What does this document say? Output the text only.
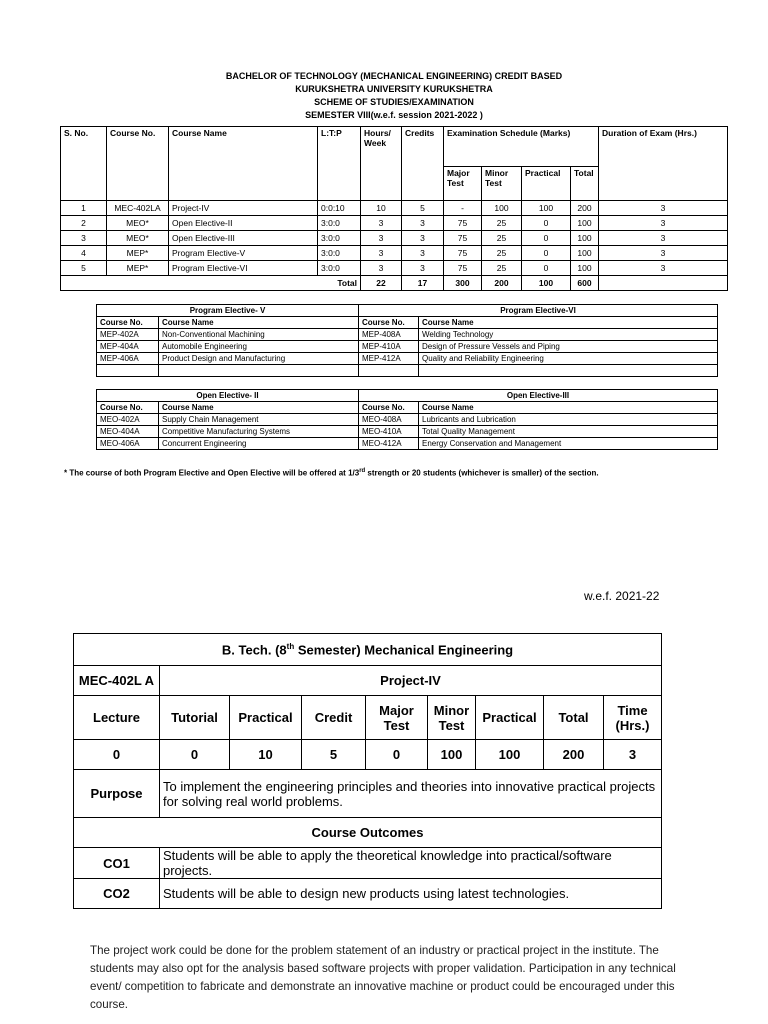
BACHELOR OF TECHNOLOGY (MECHANICAL ENGINEERING) CREDIT BASED
KURUKSHETRA UNIVERSITY KURUKSHETRA
SCHEME OF STUDIES/EXAMINATION
SEMESTER VIII(w.e.f. session 2021-2022 )
S. No.	Course No.	Course Name	L:T:P	Hours/ Week	Credits	Examination Schedule (Marks)				Duration of Exam (Hrs.)
						Major Test	Minor Test	Practical	Total	
1	MEC-402LA	Project-IV	0:0:10	10	5	-	100	100	200	3
2	MEO*	Open Elective-II	3:0:0	3	3	75	25	0	100	3
3	MEO*	Open Elective-III	3:0:0	3	3	75	25	0	100	3
4	MEP*	Program Elective-V	3:0:0	3	3	75	25	0	100	3
5	MEP*	Program Elective-VI	3:0:0	3	3	75	25	0	100	3
Total				22	17	300	200	100	600	
Program Elective- V		Program Elective-VI	
Course No.	Course Name	Course No.	Course Name
MEP-402A	Non-Conventional Machining	MEP-408A	Welding Technology
MEP-404A	Automobile Engineering	MEP-410A	Design of Pressure Vessels and Piping
MEP-406A	Product Design and Manufacturing	MEP-412A	Quality and Reliability Engineering

Open Elective- II		Open Elective-III	
Course No.	Course Name	Course No.	Course Name
MEO-402A	Supply Chain Management	MEO-408A	Lubricants and Lubrication
MEO-404A	Competitive Manufacturing Systems	MEO-410A	Total Quality Management
MEO-406A	Concurrent Engineering	MEO-412A	Energy Conservation and Management
* The course of both Program Elective and Open Elective will be offered at 1/3rd strength or 20 students (whichever is smaller) of the section.
w.e.f. 2021-22
B. Tech. (8th Semester) Mechanical Engineering								
MEC-402L A	Project-IV							
Lecture	Tutorial	Practical	Credit	Major Test	Minor Test	Practical	Total	Time (Hrs.)
0	0	10	5	0	100	100	200	3
Purpose	To implement the engineering principles and theories into innovative practical projects for solving real world problems.							
Course Outcomes								
CO1	Students will be able to apply the theoretical knowledge into practical/software projects.							
CO2	Students will be able to design new products using latest technologies.							
The project work could be done for the problem statement of an industry or practical project in the institute. The students may also opt for the analysis based software projects with proper validation. Participation in any technical event/ competition to fabricate and demonstrate an innovative machine or product could be encouraged under this course.
